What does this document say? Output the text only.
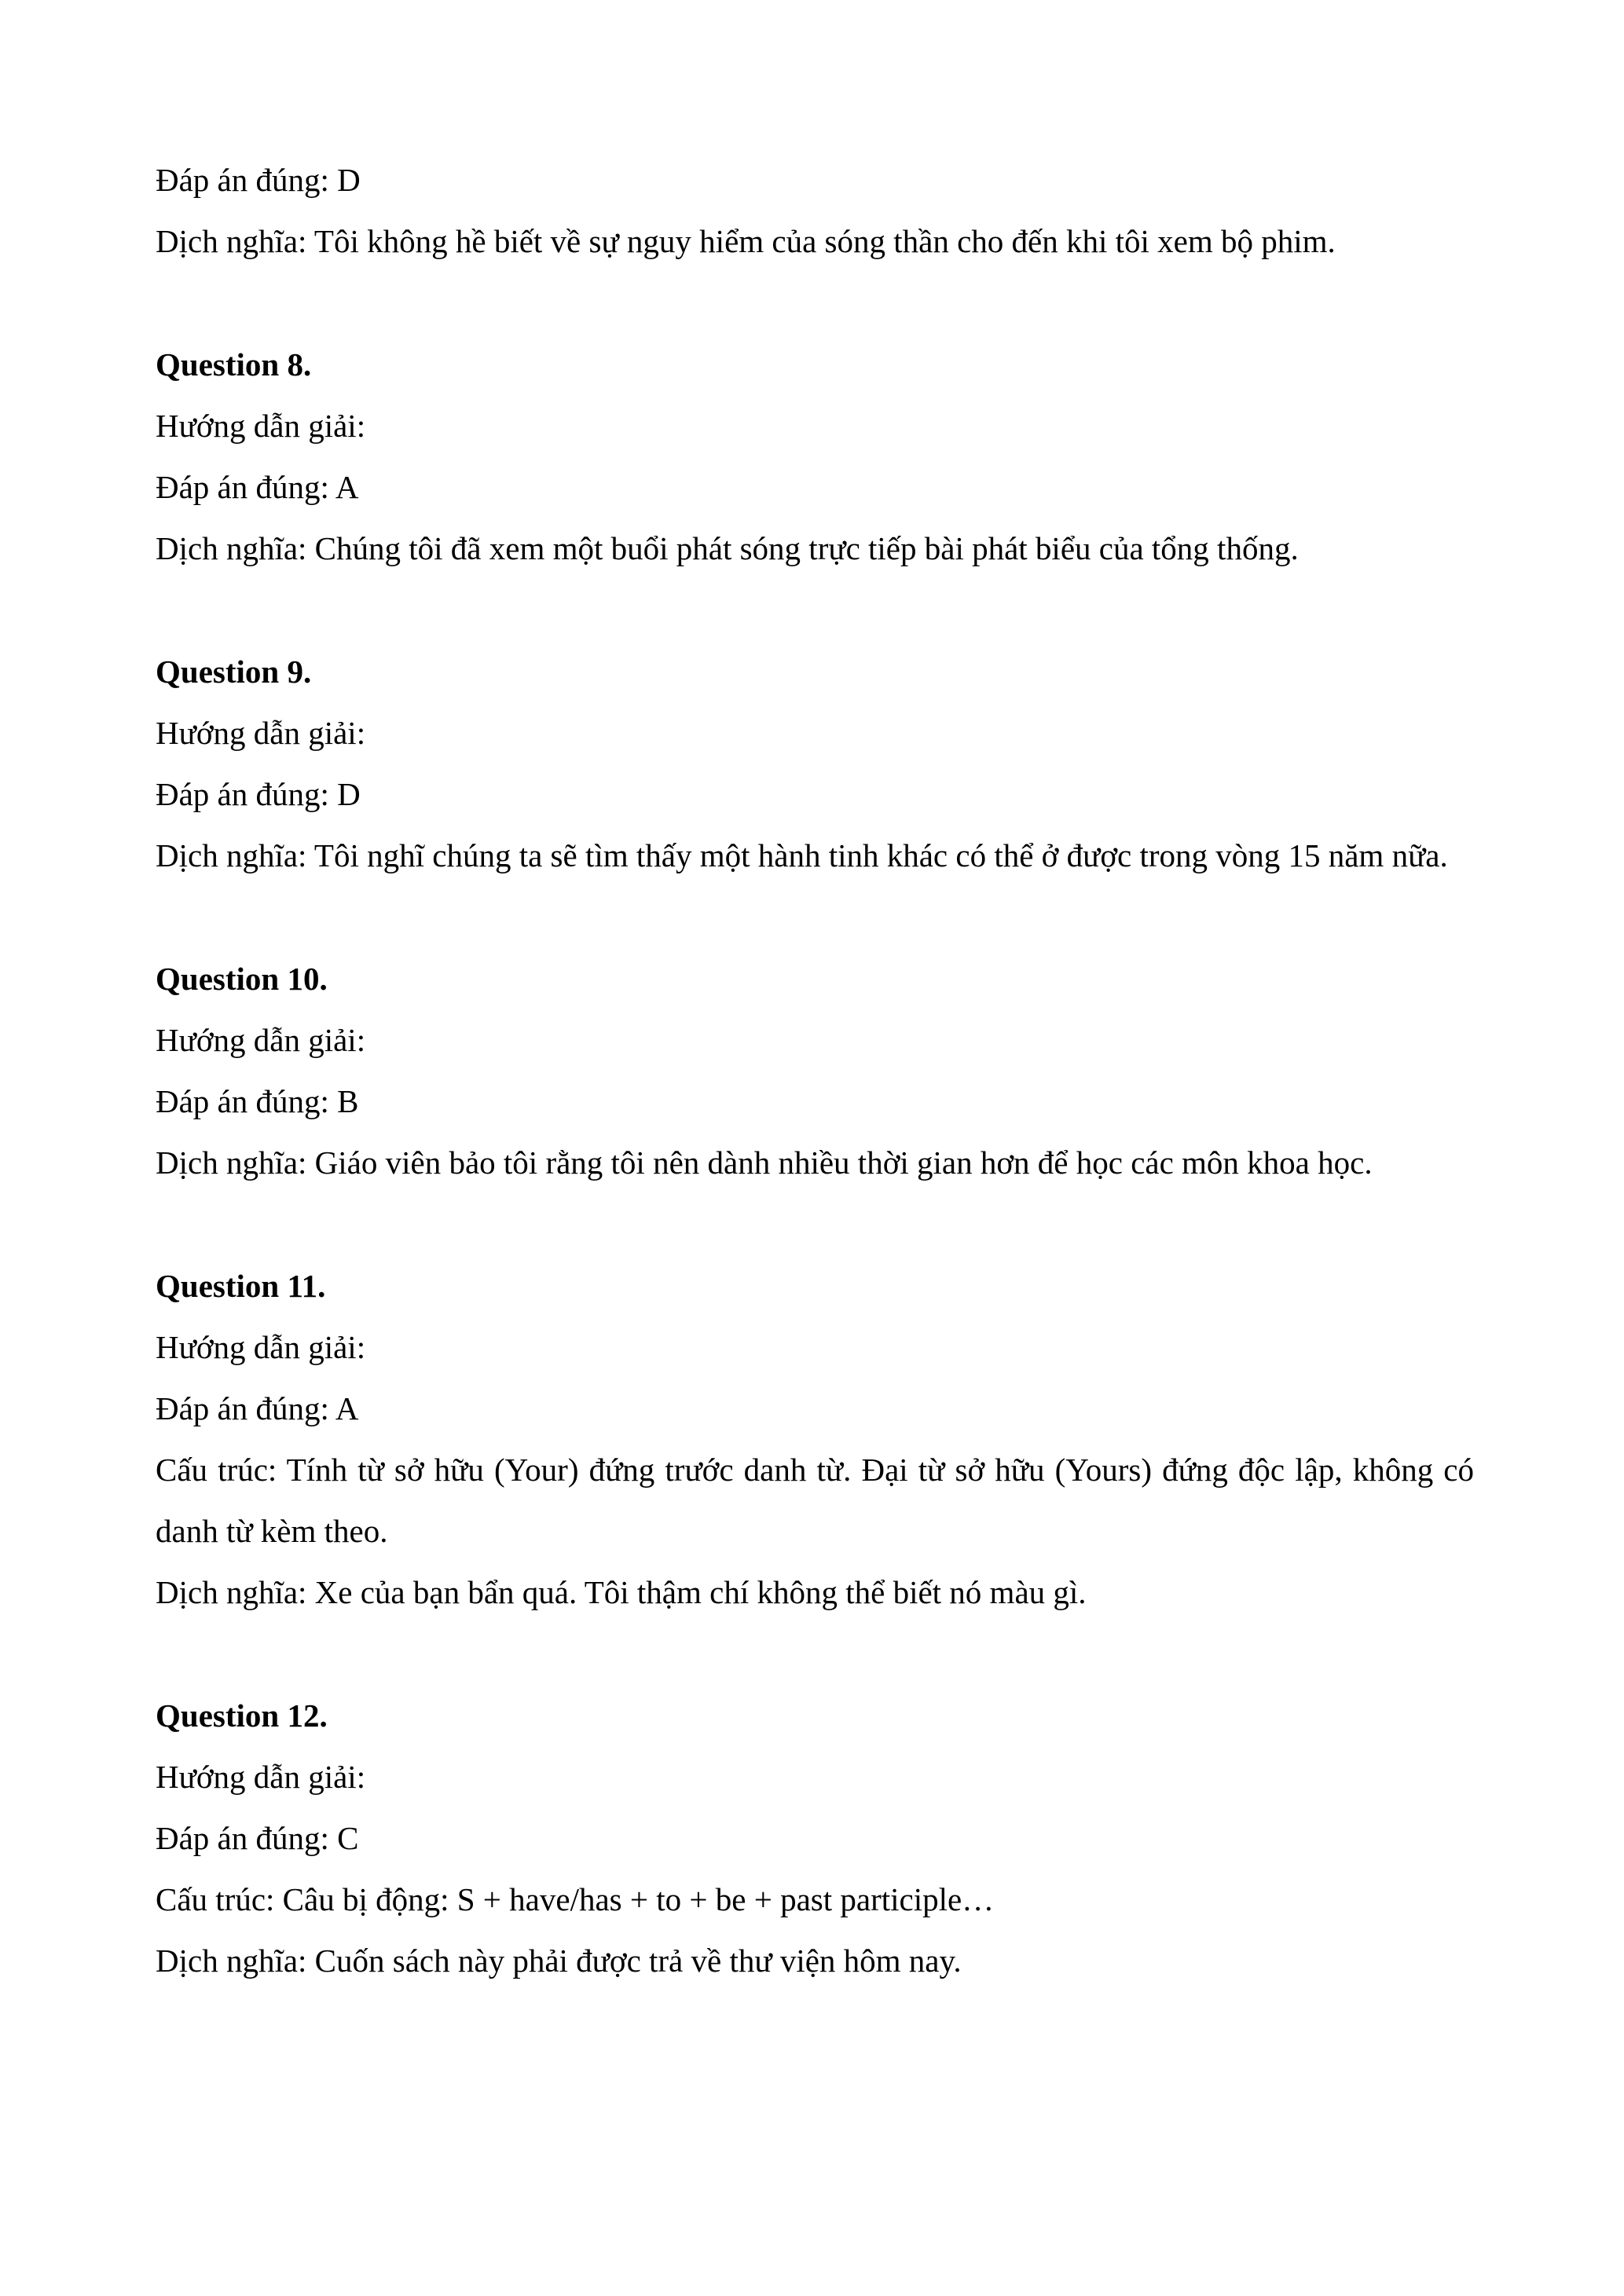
Đáp án đúng: D
Dịch nghĩa: Tôi không hề biết về sự nguy hiểm của sóng thần cho đến khi tôi xem bộ phim.
Question 8.
Hướng dẫn giải:
Đáp án đúng: A
Dịch nghĩa: Chúng tôi đã xem một buổi phát sóng trực tiếp bài phát biểu của tổng thống.
Question 9.
Hướng dẫn giải:
Đáp án đúng: D
Dịch nghĩa: Tôi nghĩ chúng ta sẽ tìm thấy một hành tinh khác có thể ở được trong vòng 15 năm nữa.
Question 10.
Hướng dẫn giải:
Đáp án đúng: B
Dịch nghĩa: Giáo viên bảo tôi rằng tôi nên dành nhiều thời gian hơn để học các môn khoa học.
Question 11.
Hướng dẫn giải:
Đáp án đúng: A
Cấu trúc: Tính từ sở hữu (Your) đứng trước danh từ. Đại từ sở hữu (Yours) đứng độc lập, không có danh từ kèm theo.
Dịch nghĩa: Xe của bạn bẩn quá. Tôi thậm chí không thể biết nó màu gì.
Question 12.
Hướng dẫn giải:
Đáp án đúng: C
Cấu trúc: Câu bị động: S + have/has + to + be + past participle…
Dịch nghĩa: Cuốn sách này phải được trả về thư viện hôm nay.
